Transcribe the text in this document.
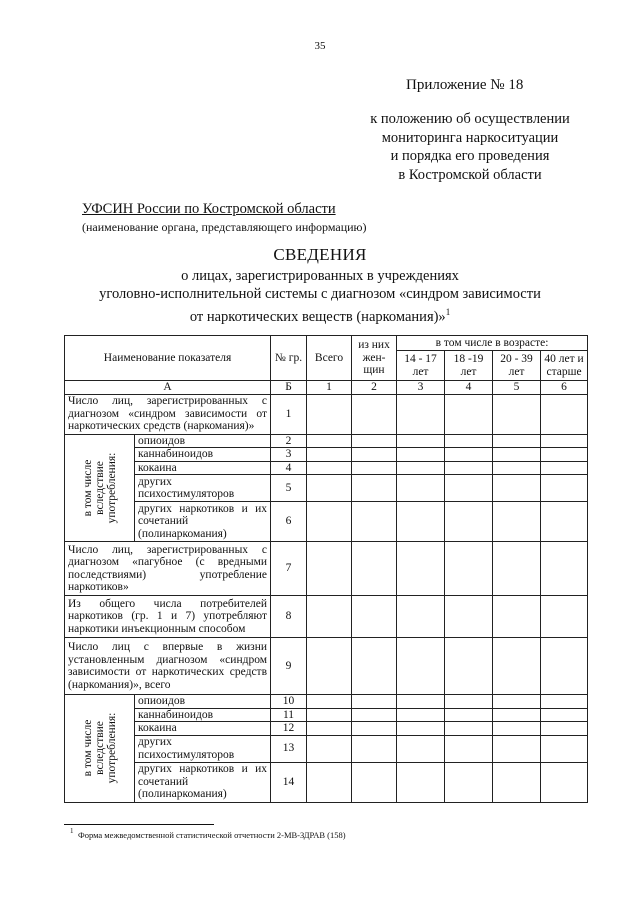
35
Приложение № 18
к положению об осуществлении
мониторинга наркоситуации
и порядка его проведения
в Костромской области
УФСИН России по Костромской области
(наименование органа, представляющего информацию)
СВЕДЕНИЯ
о лицах, зарегистрированных в учреждениях
уголовно-исполнительной системы с диагнозом «синдром зависимости
от наркотических веществ (наркомания)»$^1$
Наименование показателя		№ гр.	Всего	из них жен-щин	в том числе в возрасте:			
					14 - 17 лет	18 -19 лет	20 - 39 лет	40 лет и старше
А		Б	1	2	3	4	5	6
Число лиц, зарегистрированных с диагнозом «синдром зависимости от наркотических средств (наркомания)»		1						

в том числе вследствие употребления:	опиоидов	2						
	каннабиноидов	3						
	кокаина	4						
	других психостимуляторов	5						
	других наркотиков и их сочетаний (полинаркомания)	6						
Число лиц, зарегистрированных с диагнозом «пагубное (с вредными последствиями) употребление наркотиков»		7						
Из общего числа потребителей наркотиков (гр. 1 и 7) употребляют наркотики инъекционным способом		8						
Число лиц с впервые в жизни установленным диагнозом «синдром зависимости от наркотических средств (наркомания)», всего		9						

в том числе вследствие употребления:	опиоидов	10						
	каннабиноидов	11						
	кокаина	12						
	других психостимуляторов	13						
	других наркотиков и их сочетаний (полинаркомания)	14						
1 Форма межведомственной статистической отчетности 2-МВ-ЗДРАВ (158)
